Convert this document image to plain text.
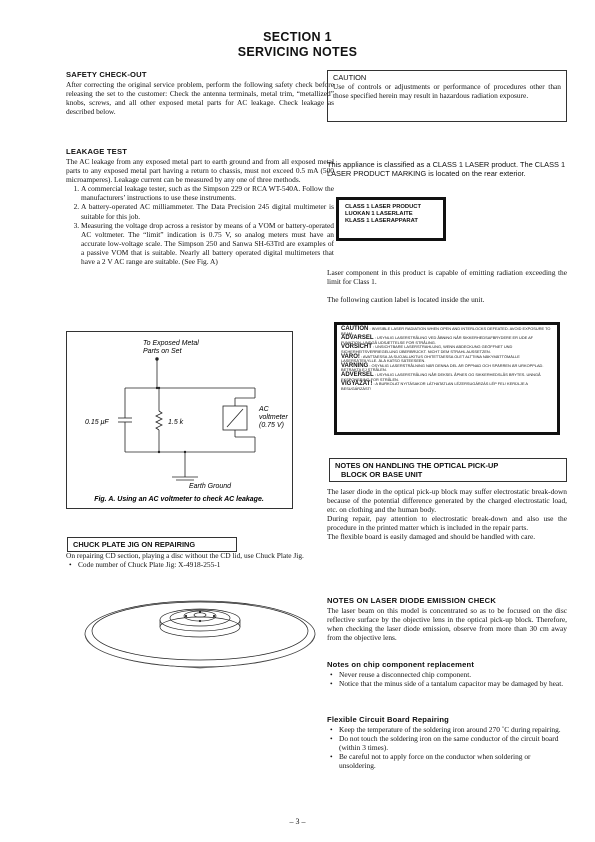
SECTION 1
SERVICING NOTES
SAFETY CHECK-OUT

After correcting the original service problem, perform the following safety check before releasing the set to the customer: Check the antenna terminals, metal trim, “metallized” knobs, screws, and all other exposed metal parts for AC leakage. Check leakage as described below.

LEAKAGE TEST

The AC leakage from any exposed metal part to earth ground and from all exposed metal parts to any exposed metal part having a return to chassis, must not exceed 0.5 mA (500 microamperes). Leakage current can be measured by any one of three methods.

1. A commercial leakage tester, such as the Simpson 229 or RCA WT-540A. Follow the manufacturers’ instructions to use these instruments.
2. A battery-operated AC milliammeter. The Data Precision 245 digital multimeter is suitable for this job.
3. Measuring the voltage drop across a resistor by means of a VOM or battery-operated AC voltmeter. The “limit” indication is 0.75 V, so analog meters must have an accurate low-voltage scale. The Simpson 250 and Sanwa SH-63Trd are examples of a passive VOM that is suitable. Nearly all battery operated digital multimeters that have a 2 V AC range are suitable. (See Fig. A)
To Exposed Metal
Parts on Set
0.15 μF	1.5 k
AC
voltmeter
(0.75 V)
Earth Ground
Fig. A. Using an AC voltmeter to check AC leakage.
CHUCK PLATE JIG ON REPAIRING

On repairing CD section, playing a disc without the CD lid, use Chuck Plate Jig.

• Code number of Chuck Plate Jig: X-4918-255-1
CAUTION

Use of controls or adjustments or performance of procedures other than those specified herein may result in hazardous radiation exposure.

This appliance is classified as a CLASS 1 LASER product. The CLASS 1 LASER PRODUCT MARKING is located on the rear exterior.

CLASS 1 LASER PRODUCT
LUOKAN 1 LASERLAITE
KLASS 1 LASERAPPARAT

Laser component in this product is capable of emitting radiation exceeding the limit for Class 1.

The following caution label is located inside the unit.

CAUTION : INVISIBLE LASER RADIATION WHEN OPEN AND INTERLOCKS DEFEATED. AVOID EXPOSURE TO BEAM.
ADVARSEL : USYNLIG LASERSTRÅLING VED ÅBNING NÅR SIKKERHEDSAFBRYDERE ER UDE AF FUNKTION. UNDGÅ UDSÆTTELSE FOR STRÅLING.
VORSICHT : UNSICHTBARE LASERSTRAHLUNG, WENN ABDECKUNG GEÖFFNET UND SICHERHEITSVERRIEGELUNG ÜBERBRÜCKT. NICHT DEM STRAHL AUSSETZEN.
VARO! : AVATTAESSA JA SUOJALUKITUS OHITETTAESSA OLET ALTTIINA NÄKYMÄTTÖMÄLLE LASERSÄTEILYLLE. ÄLÄ KATSO SÄTEESEEN.
VARNING : OSYNLIG LASERSTRÅLNING NÄR DENNA DEL ÄR ÖPPNAD OCH SPÄRREN ÄR URKOPPLAD. BETRAKTA EJ STRÅLEN.
ADVERSEL : USYNLIG LASERSTRÅLING NÅR DEKSEL ÅPNES OG SIKKERHEDSLÅS BRYTES. UNNGÅ EKSPONERING FOR STRÅLEN.
VIGYAZAT! : A BURKOLAT NYITÁSAKOR LÁTHATATLAN LÉZERSUGÁRZÁS LÉP FEL! KERÜLJE A BESUGÁRZÁST!
NOTES ON HANDLING THE OPTICAL PICK-UP
BLOCK OR BASE UNIT

The laser diode in the optical pick-up block may suffer electrostatic break-down because of the potential difference generated by the charged electrostatic load, etc. on clothing and the human body.

During repair, pay attention to electrostatic break-down and also use the procedure in the printed matter which is included in the repair parts.

The flexible board is easily damaged and should be handled with care.

NOTES ON LASER DIODE EMISSION CHECK

The laser beam on this model is concentrated so as to be focused on the disc reflective surface by the objective lens in the optical pick-up block. Therefore, when checking the laser diode emission, observe from more than 30 cm away from the objective lens.

Notes on chip component replacement
• Never reuse a disconnected chip component.
• Notice that the minus side of a tantalum capacitor may be damaged by heat.
Flexible Circuit Board Repairing
• Keep the temperature of the soldering iron around 270 ˚C during repairing.
• Do not touch the soldering iron on the same conductor of the circuit board (within 3 times).
• Be careful not to apply force on the conductor when soldering or unsoldering.
– 3 –
